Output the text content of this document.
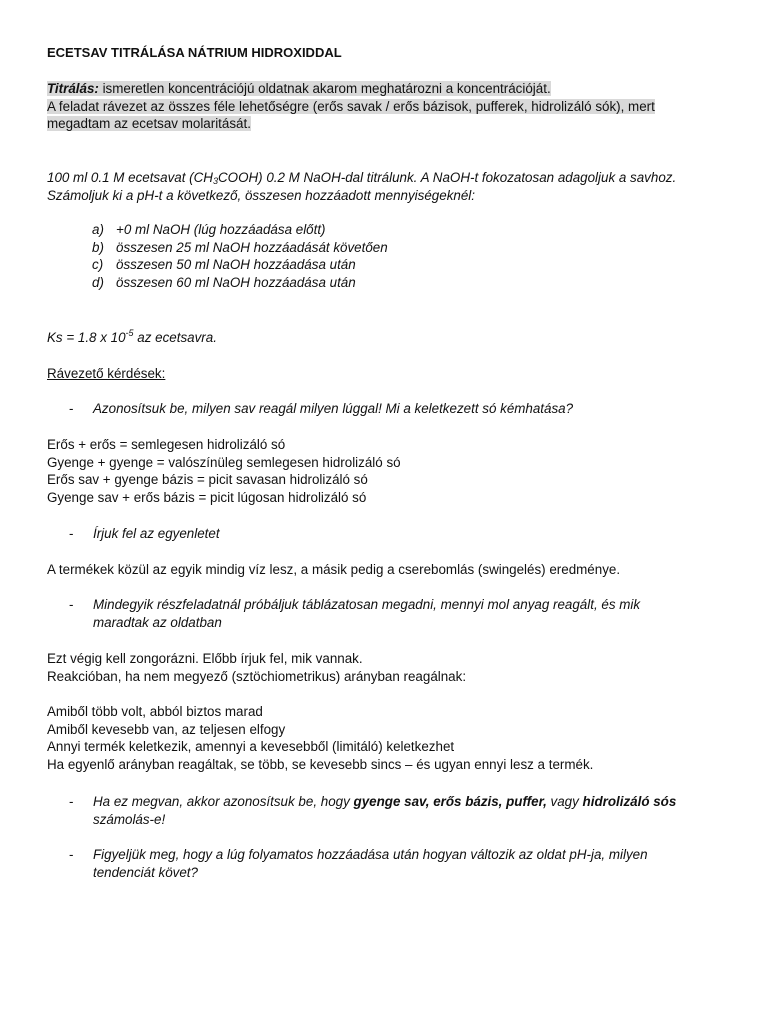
ECETSAV TITRÁLÁSA NÁTRIUM HIDROXIDDAL
Titrálás: ismeretlen koncentrációjú oldatnak akarom meghatározni a koncentrációját.
A feladat rávezet az összes féle lehetőségre (erős savak / erős bázisok, pufferek, hidrolizáló sók), mert
megadtam az ecetsav molaritását.
100 ml 0.1 M ecetsavat $(CH_3COOH)$ 0.2 M NaOH-dal titrálunk. A NaOH-t fokozatosan adagoljuk a savhoz.
Számoljuk ki a pH-t a következő, összesen hozzáadott mennyiségeknél:
a) +0 ml NaOH (lúg hozzáadása előtt)
b) összesen 25 ml NaOH hozzáadását követően
c) összesen 50 ml NaOH hozzáadása után
d) összesen 60 ml NaOH hozzáadása után
Ks = 1.8 x $10^{-5}$ az ecetsavra.
Rávezető kérdések:
-	Azonosítsuk be, milyen sav reagál milyen lúggal! Mi a keletkezett só kémhatása?
Erős + erős = semlegesen hidrolizáló só
Gyenge + gyenge = valószínüleg semlegesen hidrolizáló só
Erős sav + gyenge bázis = picit savasan hidrolizáló só
Gyenge sav + erős bázis = picit lúgosan hidrolizáló só
-	Írjuk fel az egyenletet
A termékek közül az egyik mindig víz lesz, a másik pedig a cserebomlás (swingelés) eredménye.
-	Mindegyik részfeladatnál próbáljuk táblázatosan megadni, mennyi mol anyag reagált, és mik
maradtak az oldatban
Ezt végig kell zongorázni. Előbb írjuk fel, mik vannak.
Reakcióban, ha nem megyező (sztöchiometrikus) arányban reagálnak:
Amiből több volt, abból biztos marad
Amiből kevesebb van, az teljesen elfogy
Annyi termék keletkezik, amennyi a kevesebből (limitáló) keletkezhet
Ha egyenlő arányban reagáltak, se több, se kevesebb sincs – és ugyan ennyi lesz a termék.
-	Ha ez megvan, akkor azonosítsuk be, hogy gyenge sav, erős bázis, puffer, vagy hidrolizáló sós
számolás-e!
-	Figyeljük meg, hogy a lúg folyamatos hozzáadása után hogyan változik az oldat pH-ja, milyen
tendenciát követ?
